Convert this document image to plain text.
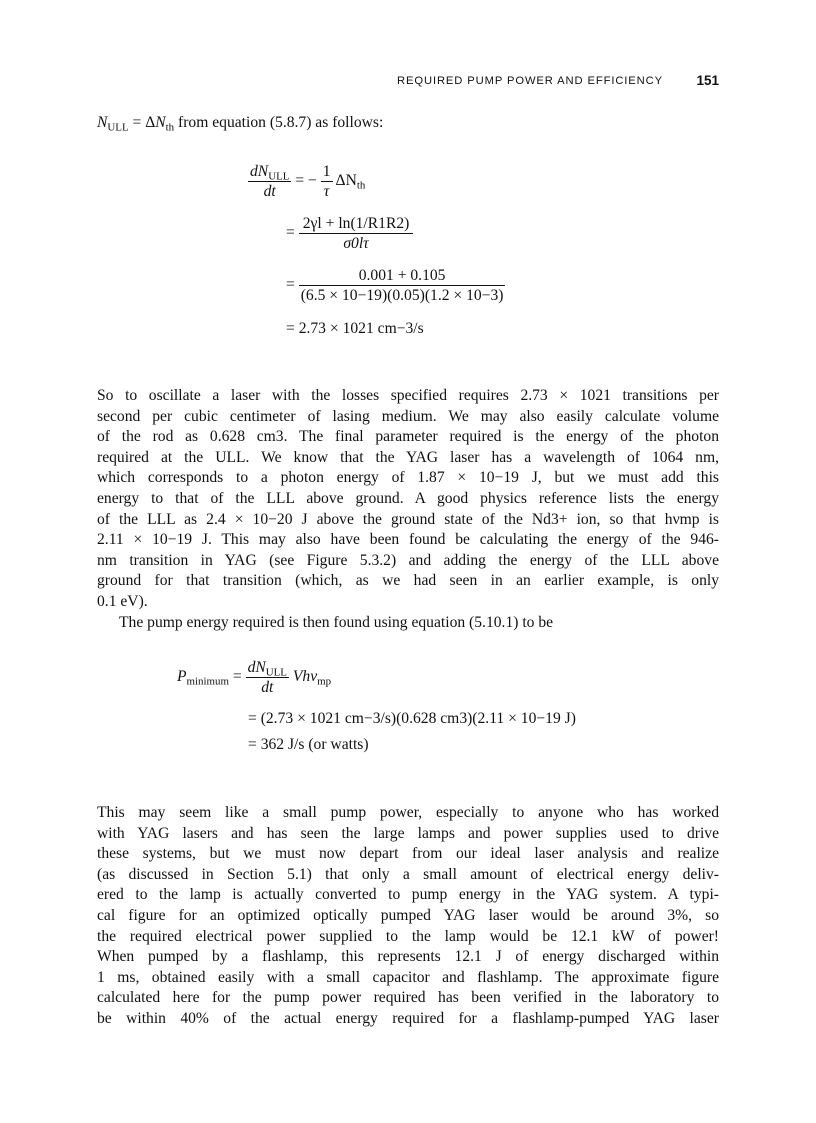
REQUIRED PUMP POWER AND EFFICIENCY 151
$N_{ULL} = \Delta N_{th}$ from equation (5.8.7) as follows:
$\frac{dN_{ULL}}{dt}$ = − $\frac{1}{\tau} \Delta N_{th}$
= $\frac{2\gamma l + \ln(1/R1R2)}{\sigma 0l\tau}$
= $\frac{0.001 + 0.105}{(6.5 \times 10-19)(0.05)(1.2 \times 10-3)}$
= 2.73 × 1021 cm−3/s
So to oscillate a laser with the losses specified requires 2.73 × 1021 transitions per
second per cubic centimeter of lasing medium. We may also easily calculate volume
of the rod as 0.628 cm3. The final parameter required is the energy of the photon
required at the ULL. We know that the YAG laser has a wavelength of 1064 nm,
which corresponds to a photon energy of 1.87 × 10−19 J, but we must add this
energy to that of the LLL above ground. A good physics reference lists the energy
of the LLL as 2.4 × 10−20 J above the ground state of the Nd3+ ion, so that hνmp is
2.11 × 10−19 J. This may also have been found be calculating the energy of the 946-
nm transition in YAG (see Figure 5.3.2) and adding the energy of the LLL above
ground for that transition (which, as we had seen in an earlier example, is only
0.1 eV).
The pump energy required is then found using equation (5.10.1) to be
$P_{minimum} = \frac{dN_{ULL}}{dt} Vh\nu_{mp}$
= (2.73 × 1021 cm−3/s)(0.628 cm3)(2.11 × 10−19 J)
= 362 J/s (or watts)
This may seem like a small pump power, especially to anyone who has worked
with YAG lasers and has seen the large lamps and power supplies used to drive
these systems, but we must now depart from our ideal laser analysis and realize
(as discussed in Section 5.1) that only a small amount of electrical energy deliv-
ered to the lamp is actually converted to pump energy in the YAG system. A typi-
cal figure for an optimized optically pumped YAG laser would be around 3%, so
the required electrical power supplied to the lamp would be 12.1 kW of power!
When pumped by a flashlamp, this represents 12.1 J of energy discharged within
1 ms, obtained easily with a small capacitor and flashlamp. The approximate figure
calculated here for the pump power required has been verified in the laboratory to
be within 40% of the actual energy required for a flashlamp-pumped YAG laser
